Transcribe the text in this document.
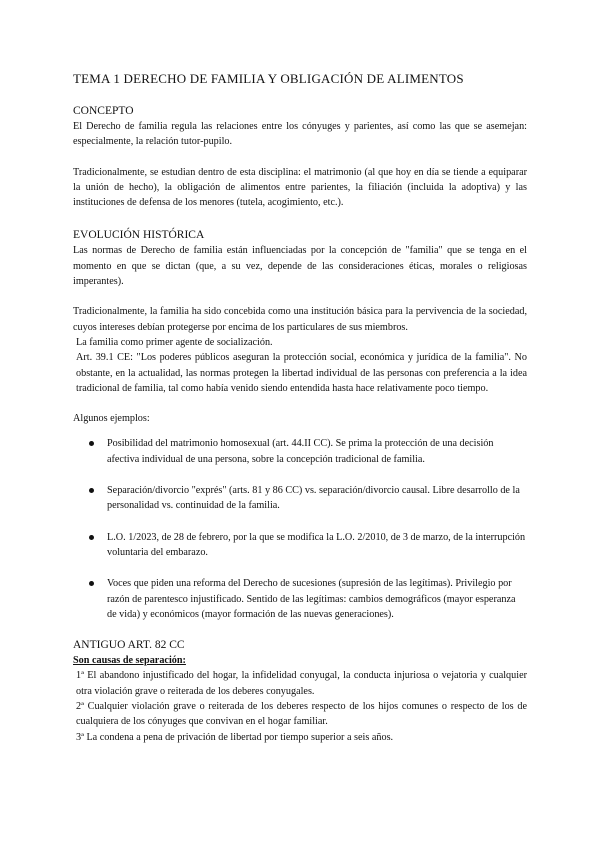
TEMA 1 DERECHO DE FAMILIA Y OBLIGACIÓN DE ALIMENTOS

CONCEPTO

El Derecho de familia regula las relaciones entre los cónyuges y parientes, así como las que se asemejan: especialmente, la relación tutor-pupilo.

Tradicionalmente, se estudian dentro de esta disciplina: el matrimonio (al que hoy en día se tiende a equiparar la unión de hecho), la obligación de alimentos entre parientes, la filiación (incluida la adoptiva) y las instituciones de defensa de los menores (tutela, acogimiento, etc.).

EVOLUCIÓN HISTÓRICA

Las normas de Derecho de familia están influenciadas por la concepción de "familia" que se tenga en el momento en que se dictan (que, a su vez, depende de las consideraciones éticas, morales o religiosas imperantes).

Tradicionalmente, la familia ha sido concebida como una institución básica para la pervivencia de la sociedad, cuyos intereses debían protegerse por encima de los particulares de sus miembros.

La familia como primer agente de socialización.

Art. 39.1 CE: "Los poderes públicos aseguran la protección social, económica y jurídica de la familia". No obstante, en la actualidad, las normas protegen la libertad individual de las personas con preferencia a la idea tradicional de familia, tal como había venido siendo entendida hasta hace relativamente poco tiempo.

Algunos ejemplos:

Posibilidad del matrimonio homosexual (art. 44.II CC). Se prima la protección de una decisión afectiva individual de una persona, sobre la concepción tradicional de familia.
Separación/divorcio "exprés" (arts. 81 y 86 CC) vs. separación/divorcio causal. Libre desarrollo de la personalidad vs. continuidad de la familia.
L.O. 1/2023, de 28 de febrero, por la que se modifica la L.O. 2/2010, de 3 de marzo, de la interrupción voluntaria del embarazo.
Voces que piden una reforma del Derecho de sucesiones (supresión de las legítimas). Privilegio por razón de parentesco injustificado. Sentido de las legítimas: cambios demográficos (mayor esperanza de vida) y económicos (mayor formación de las nuevas generaciones).

ANTIGUO ART. 82 CC

Son causas de separación:

1ª El abandono injustificado del hogar, la infidelidad conyugal, la conducta injuriosa o vejatoria y cualquier otra violación grave o reiterada de los deberes conyugales.

2ª Cualquier violación grave o reiterada de los deberes respecto de los hijos comunes o respecto de los de cualquiera de los cónyuges que convivan en el hogar familiar.

3ª La condena a pena de privación de libertad por tiempo superior a seis años.
